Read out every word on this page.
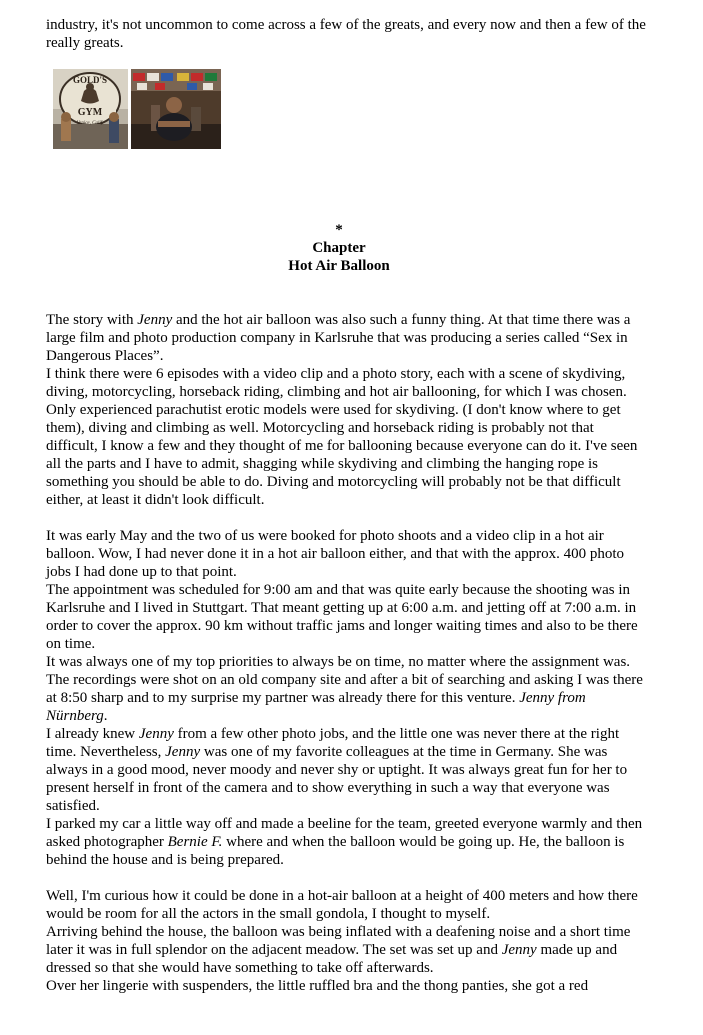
industry, it's not uncommon to come across a few of the greats, and every now and then a few of the really greats.

GOLD'S
GYM
Venice, Calif.
*
Chapter
Hot Air Balloon

The story with Jenny and the hot air balloon was also such a funny thing. At that time there was a large film and photo production company in Karlsruhe that was producing a series called “Sex in Dangerous Places”.

I think there were 6 episodes with a video clip and a photo story, each with a scene of skydiving, diving, motorcycling, horseback riding, climbing and hot air ballooning, for which I was chosen.

Only experienced parachutist erotic models were used for skydiving. (I don't know where to get them), diving and climbing as well. Motorcycling and horseback riding is probably not that difficult, I know a few and they thought of me for ballooning because everyone can do it. I've seen all the parts and I have to admit, shagging while skydiving and climbing the hanging rope is something you should be able to do. Diving and motorcycling will probably not be that difficult either, at least it didn't look difficult.

It was early May and the two of us were booked for photo shoots and a video clip in a hot air balloon. Wow, I had never done it in a hot air balloon either, and that with the approx. 400 photo jobs I had done up to that point.

The appointment was scheduled for 9:00 am and that was quite early because the shooting was in Karlsruhe and I lived in Stuttgart. That meant getting up at 6:00 a.m. and jetting off at 7:00 a.m. in order to cover the approx. 90 km without traffic jams and longer waiting times and also to be there on time.

It was always one of my top priorities to always be on time, no matter where the assignment was. The recordings were shot on an old company site and after a bit of searching and asking I was there at 8:50 sharp and to my surprise my partner was already there for this venture. Jenny from Nürnberg.

I already knew Jenny from a few other photo jobs, and the little one was never there at the right time. Nevertheless, Jenny was one of my favorite colleagues at the time in Germany. She was always in a good mood, never moody and never shy or uptight. It was always great fun for her to present herself in front of the camera and to show everything in such a way that everyone was satisfied.

I parked my car a little way off and made a beeline for the team, greeted everyone warmly and then asked photographer Bernie F. where and when the balloon would be going up. He, the balloon is behind the house and is being prepared.

Well, I'm curious how it could be done in a hot-air balloon at a height of 400 meters and how there would be room for all the actors in the small gondola, I thought to myself.

Arriving behind the house, the balloon was being inflated with a deafening noise and a short time later it was in full splendor on the adjacent meadow. The set was set up and Jenny made up and dressed so that she would have something to take off afterwards.

Over her lingerie with suspenders, the little ruffled bra and the thong panties, she got a red
